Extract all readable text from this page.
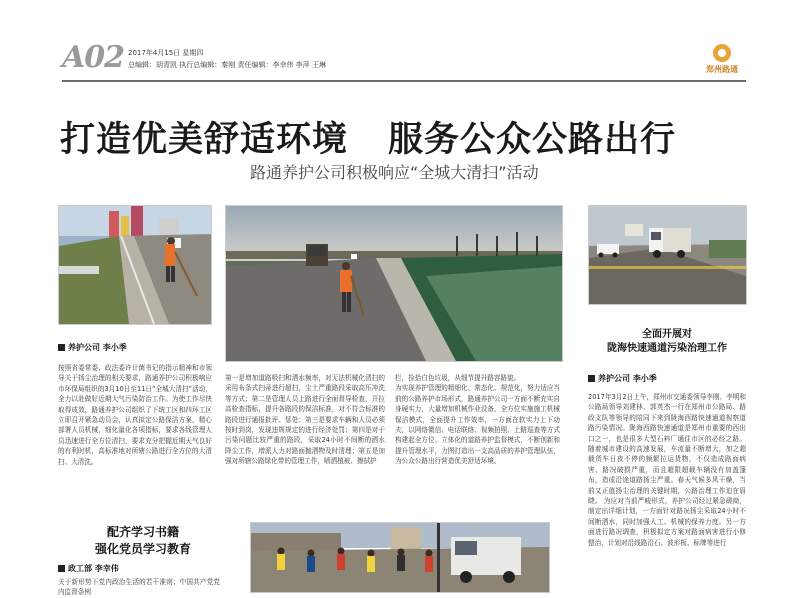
A02 2017年4月15日 星期四
总编辑：胡青凯 执行总编辑：秦刚 责任编辑：李幸伟 李萍 王琳	郑州路通
打造优美舒适环境 服务公众公路出行
路通养护公司积极响应“全城大清扫”活动
养护公司 李小季
按照省委常委、政法委许计菌书记的指示精神和市领导关于扬尘治理的相关要求，路通养护公司积极响应市环保局组织的3月10日至11日“全城大清扫”活动，全力以赴做好近期大气污染防治工作。为使工作尽快取得成效，路通养护公司组织了下统工区和四环工区立即召开紧急动员会，认真拟定公路保洁方案，精心部署人员机械，细化量化各项指标，要求各线管理人员迅速进行全方位清扫，要求充分把握近期天气良好的有利时机，高标准地对所辖公路进行全方位的大清扫、大清洗。
全面开展对
陇海快速通道污染治理工作
养护公司 李小季
2017年3月2日上午，郑州市交通委领导李刚、李明和公路局领导刘建林、郭英杰一行在郑州市公路局、路政支队等领导的陪同下来到陇海西路快速通道视察道路污染情况。陇海西路快速通道是郑州市重要的西出口之一，也是很多大型石料厂通往市区的必经之路。随着城市建设的高速发展，车流量不断增大，加之超载货车日夜不停的频繁拉运货物，不仅造成路面病害、路况破损严重，而且超限超载车辆没有加盖篷布，造成沿途道路扬尘严重。春天气候多风干燥，当前又正值扬尘治理的关键时期，公路治理工作迫在眉睫。 为应对当前严峻形式，养护公司经过紧急磋商，制定出详细计划，一方面针对路况扬尘采取24小时不间断洒水，同时加强人工、机械的保养力度。另一方面进行路况调查，积极拟定方案对路面病害进行小修整治，计划对沿线路沿石、波形板、标牌等进行
第一是增加道路吸扫和洒水频率，对无法机械化清扫的采用布条式扫帚进行超扫，尘土严重路段采取高压冲洗等方式；第二是管理人员上路进行全面督导检查，开拉高检查指标，提升各路段的保洁标准，对不符合标准的路段进行通报批评、惩处；第三是要求车辆和人员必须按时到岗，发现违规规定的进行经济处罚；第四是对于污染问题比较严重的路段，采取24小时不间断的洒水降尘工作，增派人力对路面抛洒物及时清理；第五是加强对所辖公路绿化带的管理工作，喷洒植被、擦拭护
栏，捡拾白色垃圾，从细节提升路容路貌。
为实现养护管理的精细化、常态化、规范化，努力适应当前的公路养护市场形式，路通养护公司一方面不断充实自身硬实力，大量增加机械作业设备，全方位实施施工机械保洁模式，全面提升工作效率，一方面在软实力上下功夫，以网络微信、电话联络、视频拍照、上路巡查等方式构建起全方位、立体化的道路养护监督模式，不断创新和提升管理水平，力图打造出一支高品质的养护管理队伍，为公众公路出行营造优美舒适环境。
配齐学习书籍
强化党员学习教育
政工部 李幸伟
关于新形势下党内政治生活的若干准则；中国共产党党内监督条例
